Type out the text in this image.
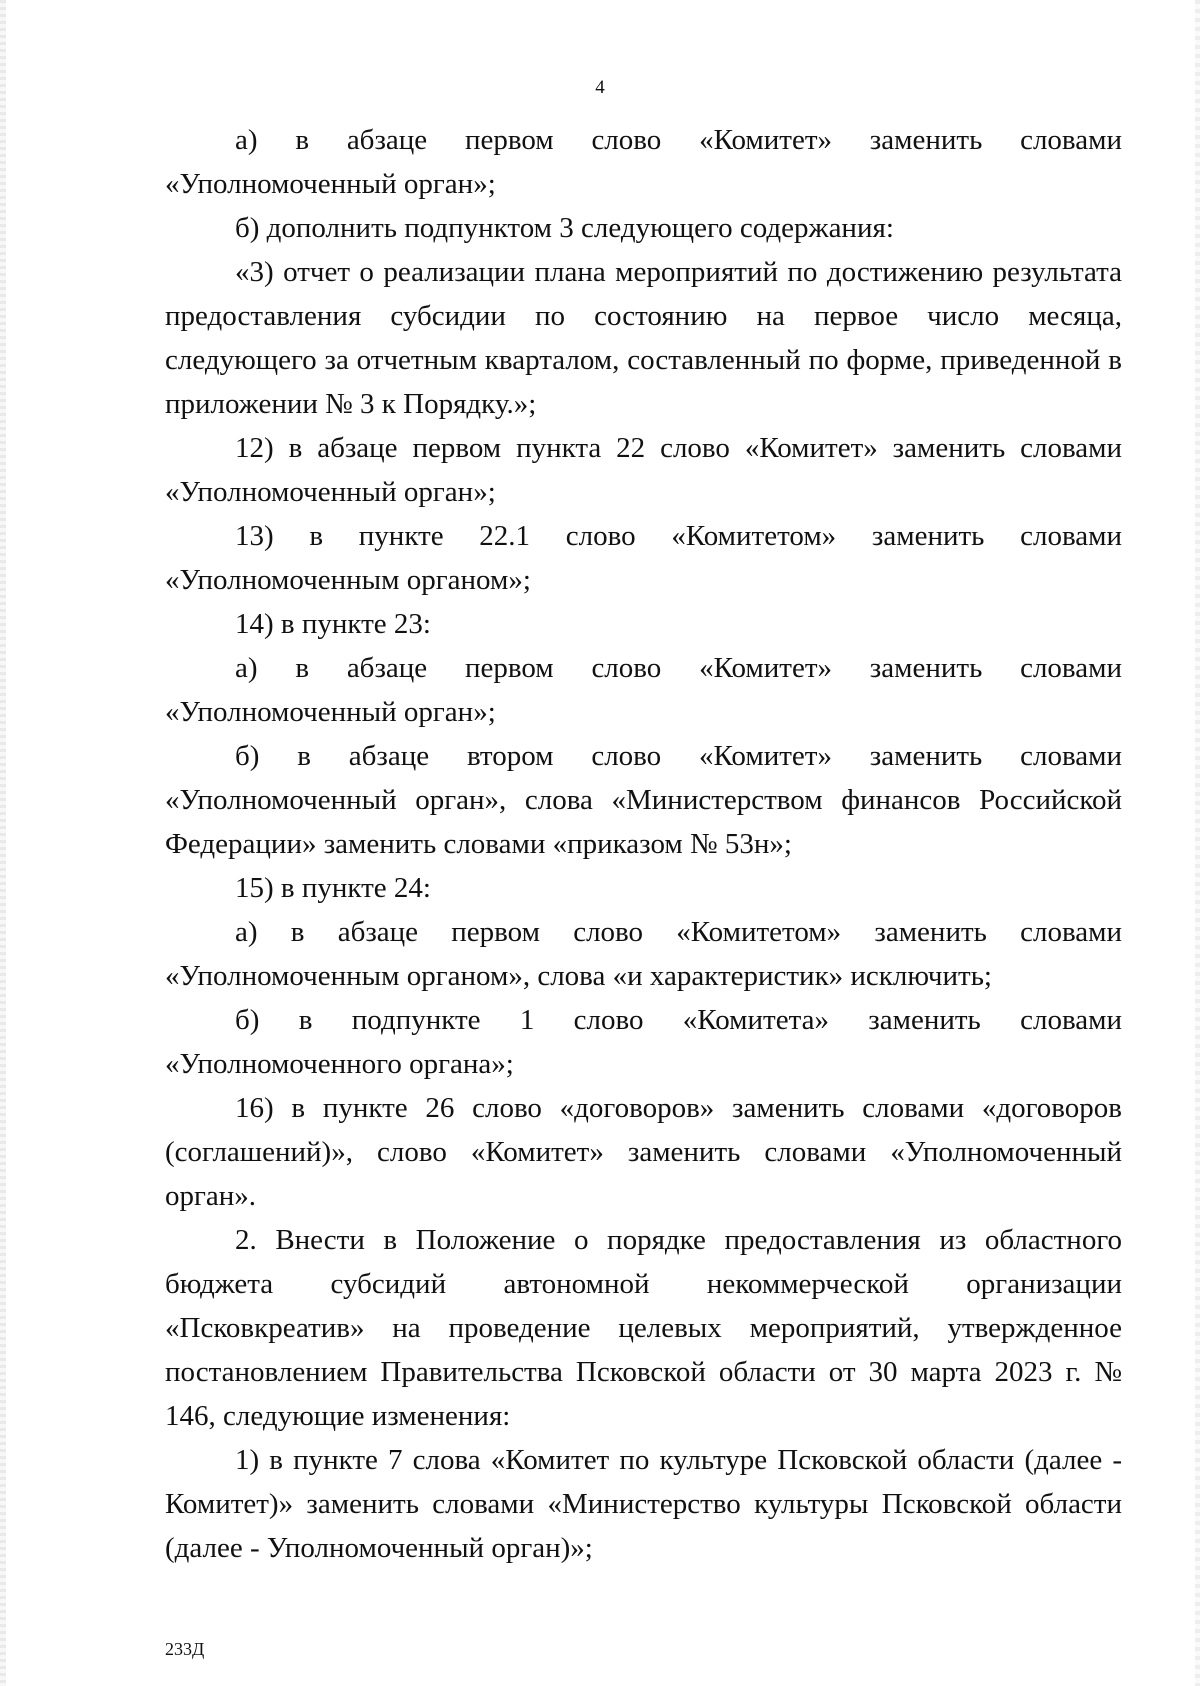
4

а) в абзаце первом слово «Комитет» заменить словами «Уполномоченный орган»;

б) дополнить подпунктом 3 следующего содержания:

«3) отчет о реализации плана мероприятий по достижению результата предоставления субсидии по состоянию на первое число месяца, следующего за отчетным кварталом, составленный по форме, приведенной в приложении № 3 к Порядку.»;

12) в абзаце первом пункта 22 слово «Комитет» заменить словами «Уполномоченный орган»;

13) в пункте 22.1 слово «Комитетом» заменить словами «Уполномоченным органом»;

14) в пункте 23:

а) в абзаце первом слово «Комитет» заменить словами «Уполномоченный орган»;

б) в абзаце втором слово «Комитет» заменить словами «Уполномоченный орган», слова «Министерством финансов Российской Федерации» заменить словами «приказом № 53н»;

15) в пункте 24:

а) в абзаце первом слово «Комитетом» заменить словами «Уполномоченным органом», слова «и характеристик» исключить;

б) в подпункте 1 слово «Комитета» заменить словами «Уполномоченного органа»;

16) в пункте 26 слово «договоров» заменить словами «договоров (соглашений)», слово «Комитет» заменить словами «Уполномоченный орган».

2. Внести в Положение о порядке предоставления из областного бюджета субсидий автономной некоммерческой организации «Псковкреатив» на проведение целевых мероприятий, утвержденное постановлением Правительства Псковской области от 30 марта 2023 г. № 146, следующие изменения:

1) в пункте 7 слова «Комитет по культуре Псковской области (далее - Комитет)» заменить словами «Министерство культуры Псковской области (далее - Уполномоченный орган)»;

233Д
